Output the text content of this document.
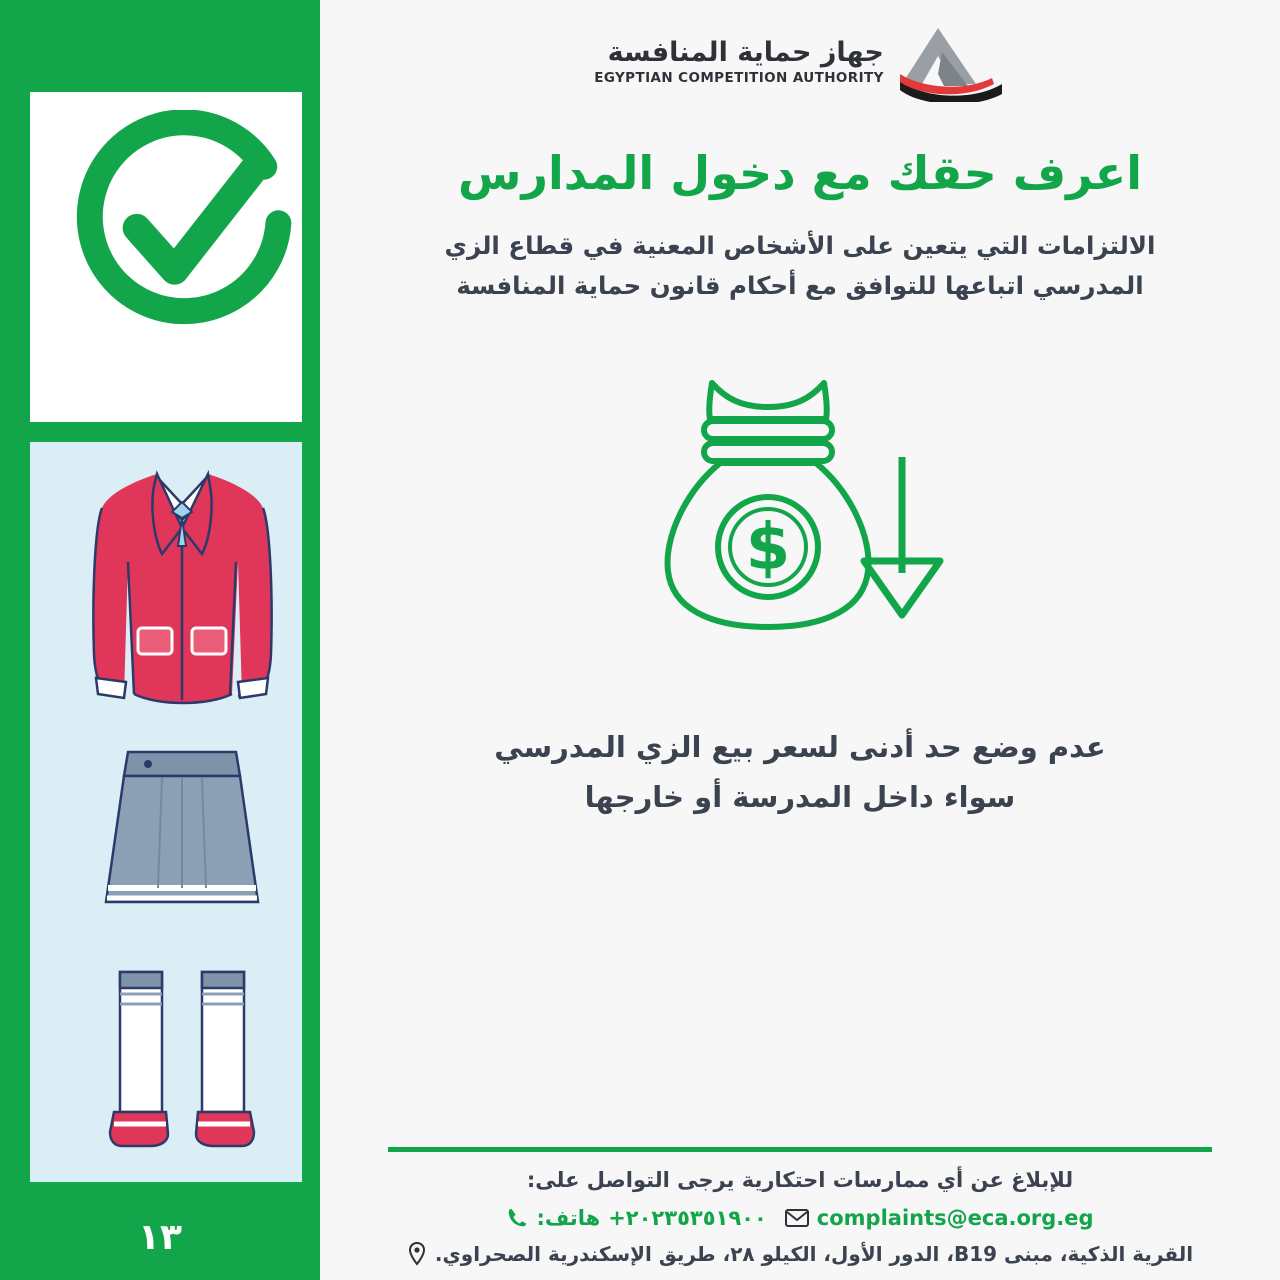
١٣
جهاز حماية المنافسة
EGYPTIAN COMPETITION AUTHORITY
اعرف حقك مع دخول المدارس

الالتزامات التي يتعين على الأشخاص المعنية في قطاع الزي المدرسي اتباعها للتوافق مع أحكام قانون حماية المنافسة

$
عدم وضع حد أدنى لسعر بيع الزي المدرسي
سواء داخل المدرسة أو خارجها
للإبلاغ عن أي ممارسات احتكارية يرجى التواصل على:
هاتف: ٢٠٢٣٥٣٥١٩٠٠+ complaints@eca.org.eg
القرية الذكية، مبنى B19، الدور الأول، الكيلو ٢٨، طريق الإسكندرية الصحراوي.
